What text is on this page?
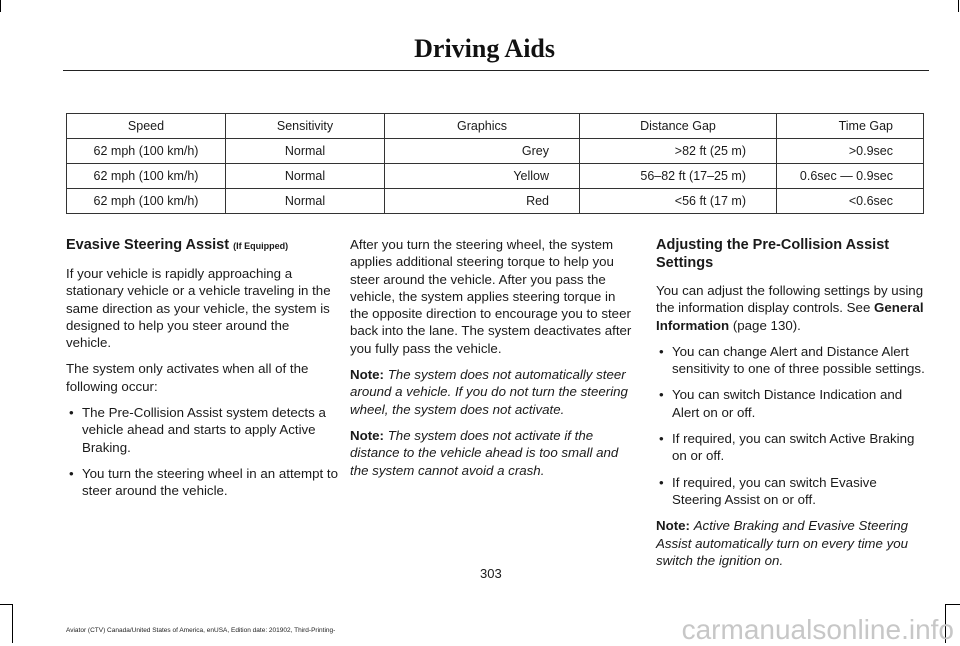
Driving Aids
Speed	Sensitivity	Graphics	Distance Gap	Time Gap
62 mph (100 km/h)	Normal	Grey	>82 ft (25 m)	>0.9sec
62 mph (100 km/h)	Normal	Yellow	56–82 ft (17–25 m)	0.6sec — 0.9sec
62 mph (100 km/h)	Normal	Red	<56 ft (17 m)	<0.6sec
Evasive Steering Assist (If Equipped)

If your vehicle is rapidly approaching a stationary vehicle or a vehicle traveling in the same direction as your vehicle, the system is designed to help you steer around the vehicle.

The system only activates when all of the following occur:

• The Pre-Collision Assist system detects a vehicle ahead and starts to apply Active Braking.
• You turn the steering wheel in an attempt to steer around the vehicle.

After you turn the steering wheel, the system applies additional steering torque to help you steer around the vehicle. After you pass the vehicle, the system applies steering torque in the opposite direction to encourage you to steer back into the lane. The system deactivates after you fully pass the vehicle.

Note: The system does not automatically steer around a vehicle. If you do not turn the steering wheel, the system does not activate.

Note: The system does not activate if the distance to the vehicle ahead is too small and the system cannot avoid a crash.

Adjusting the Pre-Collision Assist Settings

You can adjust the following settings by using the information display controls. See General Information (page 130).

• You can change Alert and Distance Alert sensitivity to one of three possible settings.
• You can switch Distance Indication and Alert on or off.
• If required, you can switch Active Braking on or off.
• If required, you can switch Evasive Steering Assist on or off.

Note: Active Braking and Evasive Steering Assist automatically turn on every time you switch the ignition on.

303
Aviator (CTV) Canada/United States of America, enUSA, Edition date: 201902, Third-Printing-	carmanualsonline.info
